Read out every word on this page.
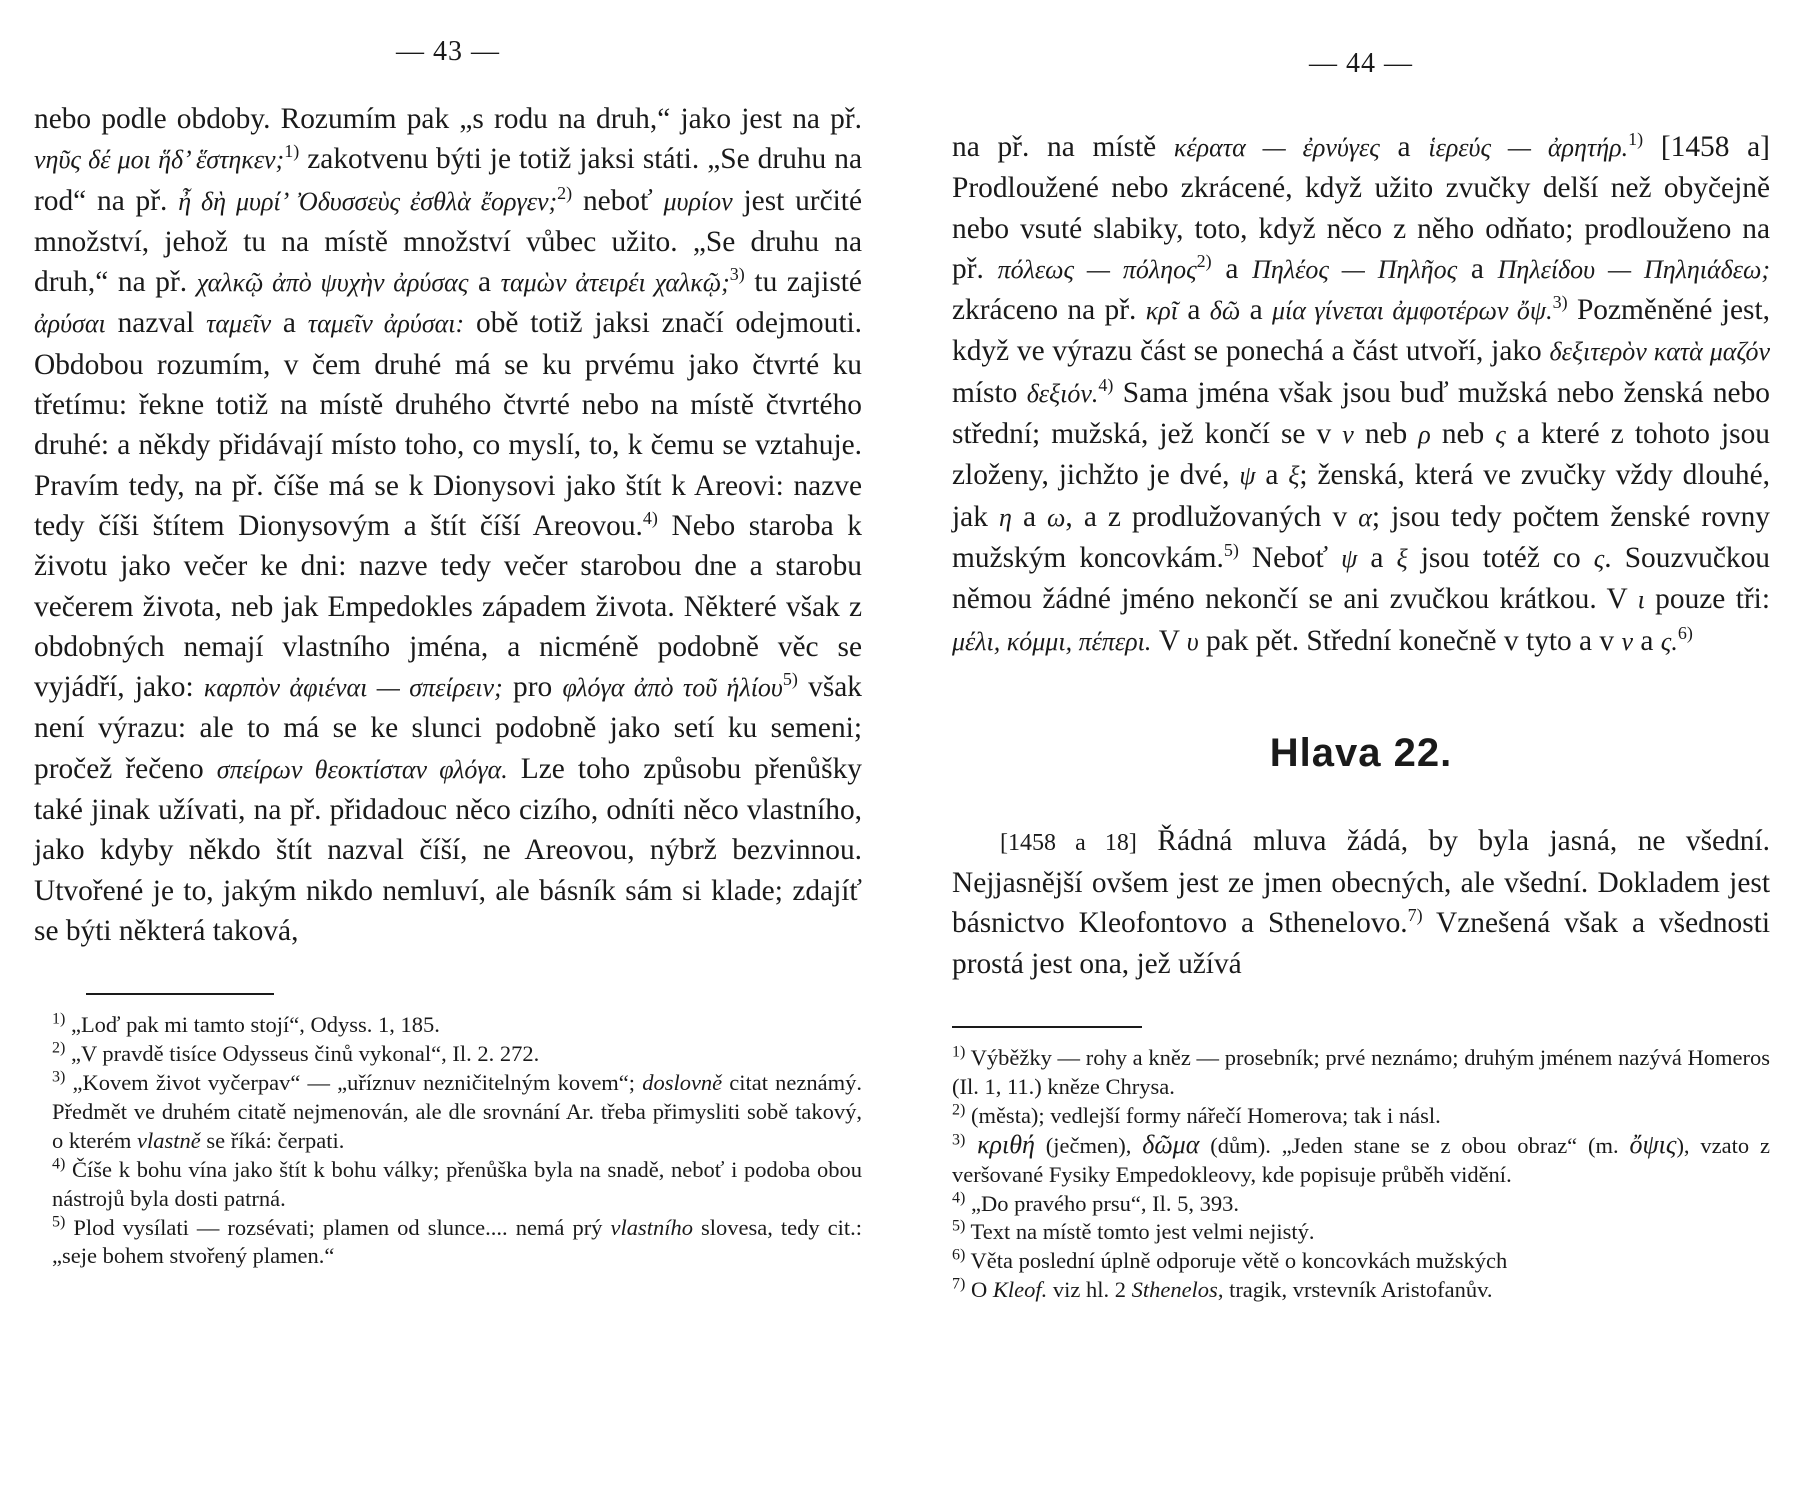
— 43 —

nebo podle obdoby. Rozumím pak „s rodu na druh,“ jako jest na př. νηῦς δέ μοι ἥδ’ ἕστηκεν;$^{1)}$ zakotvenu býti je totiž jaksi státi. „Se druhu na rod“ na př. ἦ δὴ μυρί’ Ὀδυσσεὺς ἐσθλὰ ἔοργεν;$^{2)}$ neboť μυρίον jest určité množství, jehož tu na místě množství vůbec užito. „Se druhu na druh,“ na př. χαλκῷ ἀπὸ ψυχὴν ἀρύσας a ταμὼν ἀτειρέι χαλκῷ;$^{3)}$ tu zajisté ἀρύσαι nazval ταμεῖν a ταμεῖν ἀρύσαι: obě totiž jaksi značí odejmouti. Obdobou rozumím, v čem druhé má se ku prvému jako čtvrté ku třetímu: řekne totiž na místě druhého čtvrté nebo na místě čtvrtého druhé: a někdy přidávají místo toho, co myslí, to, k čemu se vztahuje. Pravím tedy, na př. číše má se k Dionysovi jako štít k Areovi: nazve tedy číši štítem Dionysovým a štít číší Areovou.$^{4)}$ Nebo staroba k životu jako večer ke dni: nazve tedy večer starobou dne a starobu večerem života, neb jak Empedokles západem života. Některé však z obdobných nemají vlastního jména, a nicméně podobně věc se vyjádří, jako: καρπὸν ἀφιέναι — σπείρειν; pro φλόγα ἀπὸ τοῦ ἡλίου$^{5)}$ však není výrazu: ale to má se ke slunci podobně jako setí ku semeni; pročež řečeno σπείρων θεοκτίσταν φλόγα. Lze toho způsobu přenůšky také jinak užívati, na př. přidadouc něco cizího, odníti něco vlastního, jako kdyby někdo štít nazval číší, ne Areovou, nýbrž bezvinnou. Utvořené je to, jakým nikdo nemluví, ale básník sám si klade; zdajíť se býti některá taková,

$^{1)}$ „Loď pak mi tamto stojí“, Odyss. 1, 185.

$^{2)}$ „V pravdě tisíce Odysseus činů vykonal“, Il. 2. 272.

$^{3)}$ „Kovem život vyčerpav“ — „uříznuv nezničitelným kovem“; doslovně citat neznámý. Předmět ve druhém citatě nejmenován, ale dle srovnání Ar. třeba přimysliti sobě takový, o kterém vlastně se říká: čerpati.

$^{4)}$ Číše k bohu vína jako štít k bohu války; přenůška byla na snadě, neboť i podoba obou nástrojů byla dosti patrná.

$^{5)}$ Plod vysílati — rozsévati; plamen od slunce.... nemá prý vlastního slovesa, tedy cit.: „seje bohem stvořený plamen.“

— 44 —

na př. na místě κέρατα — ἐρνύγες a ἱερεύς — ἀρητήρ.$^{1)}$ [1458 a] Prodloužené nebo zkrácené, když užito zvučky delší než obyčejně nebo vsuté slabiky, toto, když něco z něho odňato; prodlouženo na př. πόλεως — πόληος$^{2)}$ a Πηλέος — Πηλῆος a Πηλείδου — Πηληιάδεω; zkráceno na př. κρῖ a δῶ a μία γίνεται ἀμφοτέρων ὄψ.$^{3)}$ Pozměněné jest, když ve výrazu část se ponechá a část utvoří, jako δεξιτερὸν κατὰ μαζόν místo δεξιόν.$^{4)}$ Sama jména však jsou buď mužská nebo ženská nebo střední; mužská, jež končí se v ν neb ρ neb ς a které z tohoto jsou zloženy, jichžto je dvé, ψ a ξ; ženská, která ve zvučky vždy dlouhé, jak η a ω, a z prodlužovaných v α; jsou tedy počtem ženské rovny mužským koncovkám.$^{5)}$ Neboť ψ a ξ jsou totéž co ς. Souzvučkou němou žádné jméno nekončí se ani zvučkou krátkou. V ι pouze tři: μέλι, κόμμι, πέπερι. V υ pak pět. Střední konečně v tyto a v ν a ς.$^{6)}$

Hlava 22.

[1458 a 18] Řádná mluva žádá, by byla jasná, ne všední. Nejjasnější ovšem jest ze jmen obecných, ale všední. Dokladem jest básnictvo Kleofontovo a Sthenelovo.$^{7)}$ Vznešená však a všednosti prostá jest ona, jež užívá

$^{1)}$ Výběžky — rohy a kněz — prosebník; prvé neznámo; druhým jménem nazývá Homeros (Il. 1, 11.) kněze Chrysa.

$^{2)}$ (města); vedlejší formy nářečí Homerova; tak i násl.

$^{3)}$ κριθή (ječmen), δῶμα (dům). „Jeden stane se z obou obraz“ (m. ὄψις), vzato z veršované Fysiky Empedokleovy, kde popisuje průběh vidění.

$^{4)}$ „Do pravého prsu“, Il. 5, 393.

$^{5)}$ Text na místě tomto jest velmi nejistý.

$^{6)}$ Věta poslední úplně odporuje větě o koncovkách mužských

$^{7)}$ O Kleof. viz hl. 2 Sthenelos, tragik, vrstevník Aristofanův.
